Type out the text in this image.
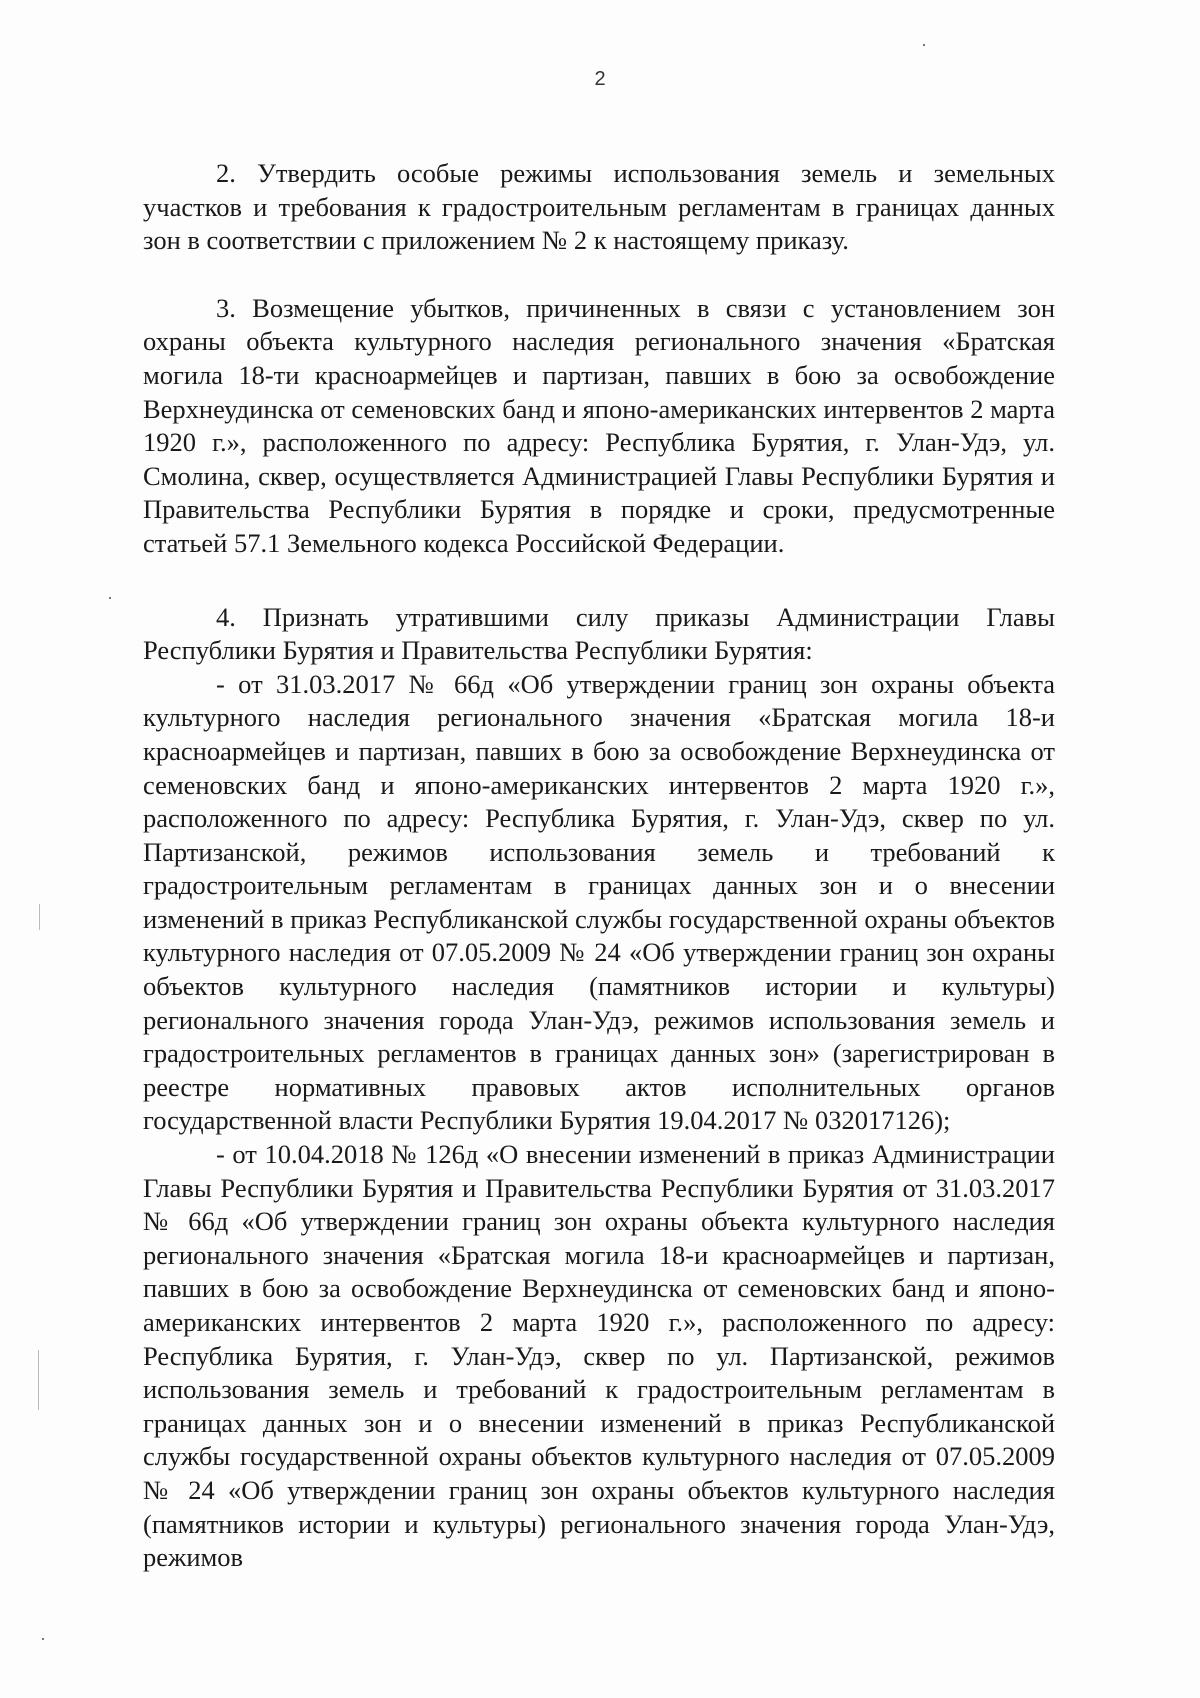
2

2. Утвердить особые режимы использования земель и земельных участков и требования к градостроительным регламентам в границах данных зон в соответствии с приложением № 2 к настоящему приказу.

3. Возмещение убытков, причиненных в связи с установлением зон охраны объекта культурного наследия регионального значения «Братская могила 18-ти красноармейцев и партизан, павших в бою за освобождение Верхнеудинска от семеновских банд и японо-американских интервентов 2 марта 1920 г.», расположенного по адресу: Республика Бурятия, г. Улан-Удэ, ул. Смолина, сквер, осуществляется Администрацией Главы Республики Бурятия и Правительства Республики Бурятия в порядке и сроки, предусмотренные статьей 57.1 Земельного кодекса Российской Федерации.

4. Признать утратившими силу приказы Администрации Главы Республики Бурятия и Правительства Республики Бурятия:

- от 31.03.2017 № 66д «Об утверждении границ зон охраны объекта культурного наследия регионального значения «Братская могила 18-и красноармейцев и партизан, павших в бою за освобождение Верхнеудинска от семеновских банд и японо-американских интервентов 2 марта 1920 г.», расположенного по адресу: Республика Бурятия, г. Улан-Удэ, сквер по ул. Партизанской, режимов использования земель и требований к градостроительным регламентам в границах данных зон и о внесении изменений в приказ Республиканской службы государственной охраны объектов культурного наследия от 07.05.2009 № 24 «Об утверждении границ зон охраны объектов культурного наследия (памятников истории и культуры) регионального значения города Улан-Удэ, режимов использования земель и градостроительных регламентов в границах данных зон» (зарегистрирован в реестре нормативных правовых актов исполнительных органов государственной власти Республики Бурятия 19.04.2017 № 032017126);

- от 10.04.2018 № 126д «О внесении изменений в приказ Администрации Главы Республики Бурятия и Правительства Республики Бурятия от 31.03.2017 № 66д «Об утверждении границ зон охраны объекта культурного наследия регионального значения «Братская могила 18-и красноармейцев и партизан, павших в бою за освобождение Верхнеудинска от семеновских банд и японо-американских интервентов 2 марта 1920 г.», расположенного по адресу: Республика Бурятия, г. Улан-Удэ, сквер по ул. Партизанской, режимов использования земель и требований к градостроительным регламентам в границах данных зон и о внесении изменений в приказ Республиканской службы государственной охраны объектов культурного наследия от 07.05.2009 № 24 «Об утверждении границ зон охраны объектов культурного наследия (памятников истории и культуры) регионального значения города Улан-Удэ, режимов
